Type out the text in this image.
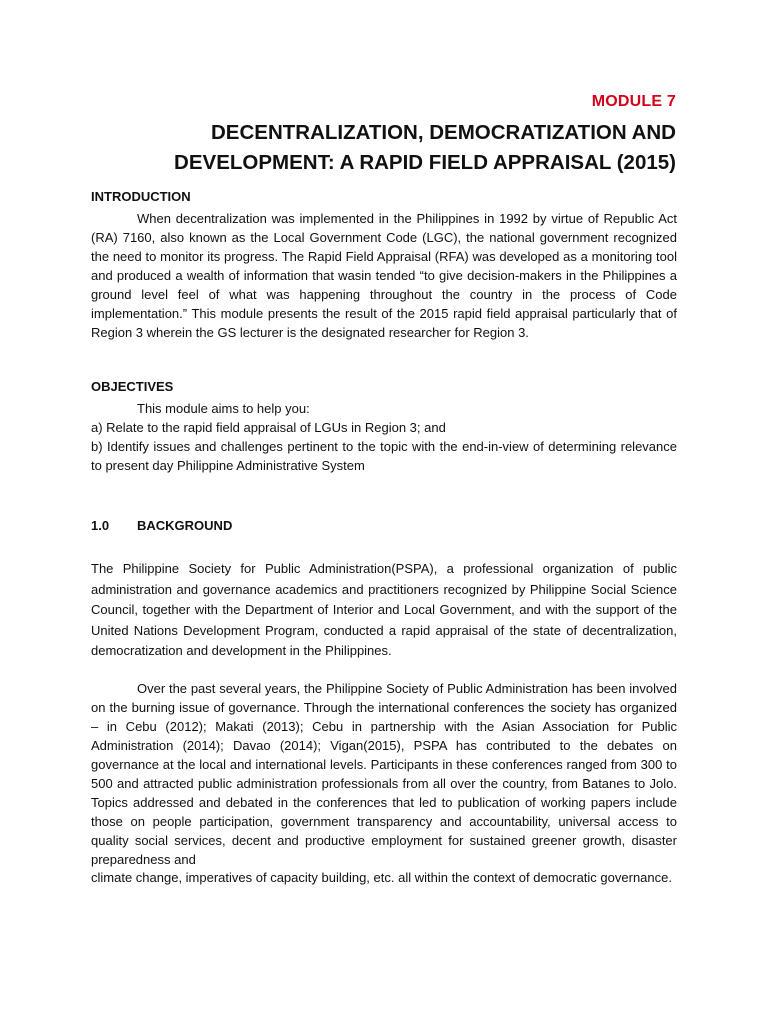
MODULE 7
DECENTRALIZATION, DEMOCRATIZATION AND
DEVELOPMENT: A RAPID FIELD APPRAISAL (2015)
INTRODUCTION

When decentralization was implemented in the Philippines in 1992 by virtue of Republic Act (RA) 7160, also known as the Local Government Code (LGC), the national government recognized the need to monitor its progress. The Rapid Field Appraisal (RFA) was developed as a monitoring tool and produced a wealth of information that wasin tended “to give decision-makers in the Philippines a ground level feel of what was happening throughout the country in the process of Code implementation.” This module presents the result of the 2015 rapid field appraisal particularly that of Region 3 wherein the GS lecturer is the designated researcher for Region 3.

OBJECTIVES

This module aims to help you:

a) Relate to the rapid field appraisal of LGUs in Region 3; and

b) Identify issues and challenges pertinent to the topic with the end-in-view of determining relevance to present day Philippine Administrative System

1.0 BACKGROUND

The Philippine Society for Public Administration(PSPA), a professional organization of public administration and governance academics and practitioners recognized by Philippine Social Science Council, together with the Department of Interior and Local Government, and with the support of the United Nations Development Program, conducted a rapid appraisal of the state of decentralization, democratization and development in the Philippines.

Over the past several years, the Philippine Society of Public Administration has been involved on the burning issue of governance. Through the international conferences the society has organized – in Cebu (2012); Makati (2013); Cebu in partnership with the Asian Association for Public Administration (2014); Davao (2014); Vigan(2015), PSPA has contributed to the debates on governance at the local and international levels. Participants in these conferences ranged from 300 to 500 and attracted public administration professionals from all over the country, from Batanes to Jolo. Topics addressed and debated in the conferences that led to publication of working papers include those on people participation, government transparency and accountability, universal access to quality social services, decent and productive employment for sustained greener growth, disaster preparedness and

climate change, imperatives of capacity building, etc. all within the context of democratic governance.
